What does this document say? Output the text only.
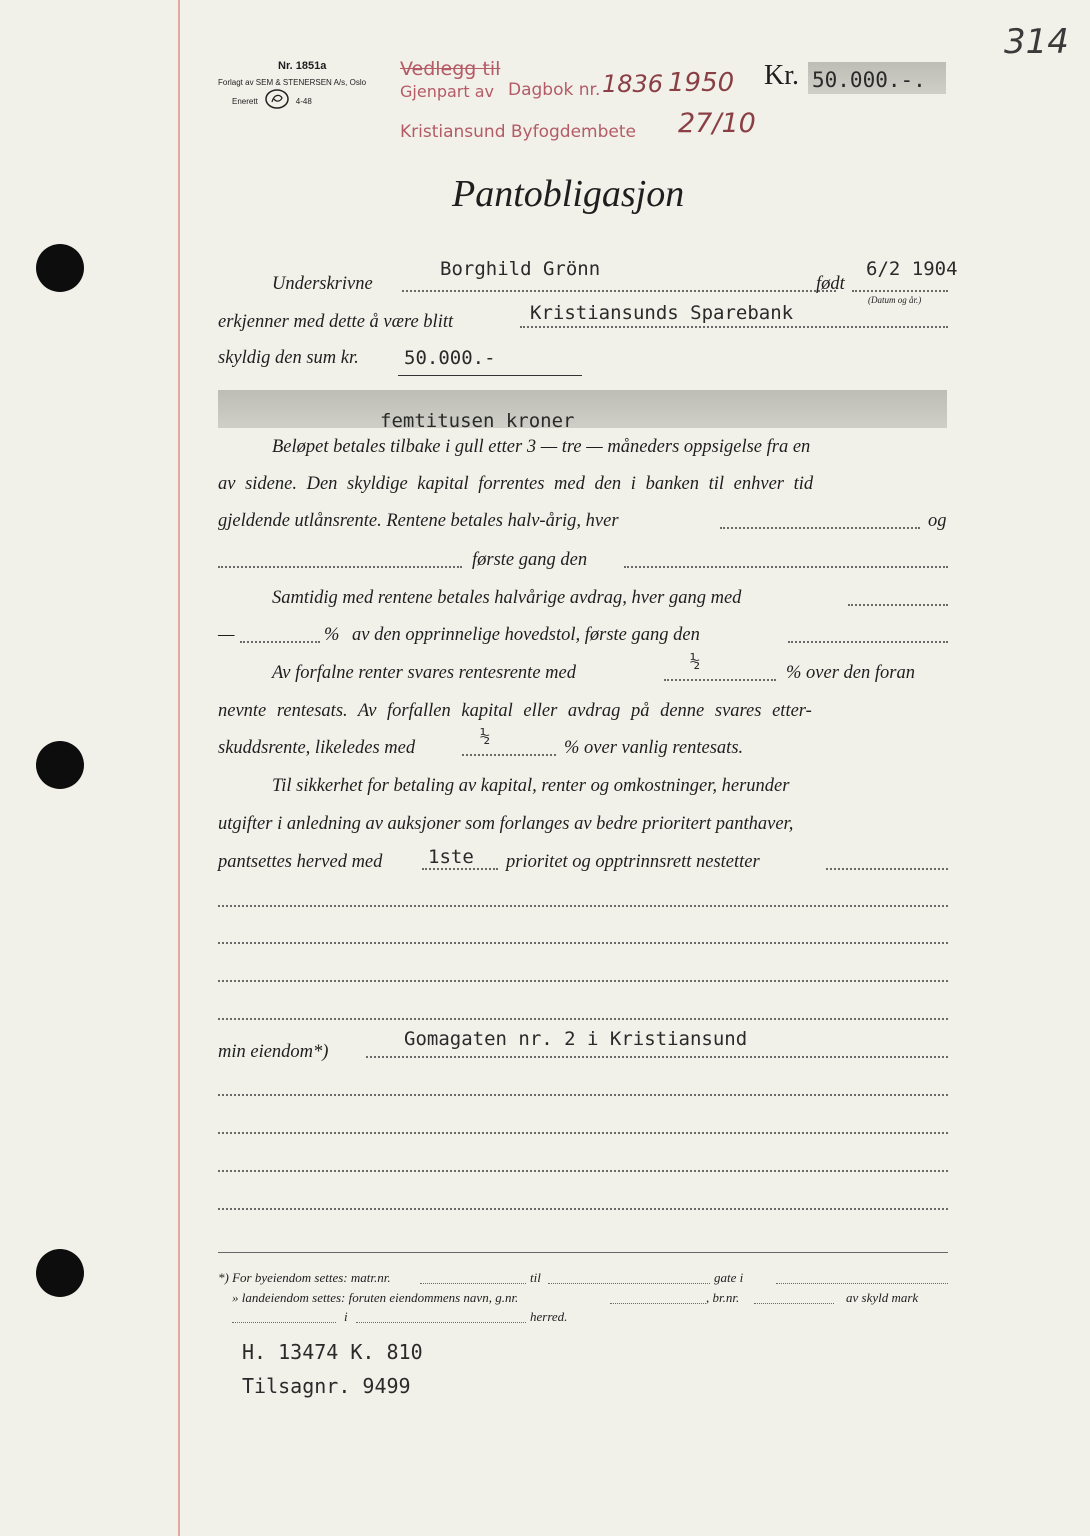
314
Nr. 1851a
Forlagt av SEM & STENERSEN A/s, Oslo
Enerett	4-48
Vedlegg til
Gjenpart av
Kristiansund Byfogdembete
Dagbok nr. 1836 1950
27/10
Kr. 50.000.-.
Pantobligasjon
Underskrivne
Borghild Grönn
født
6/2 1904
(Datum og år.)
erkjenner med dette å være blitt	Kristiansunds Sparebank
skyldig den sum kr. 50.000.-
femtitusen kroner
Beløpet betales tilbake i gull etter 3 — tre — måneders oppsigelse fra en
av sidene. Den skyldige kapital forrentes med den i banken til enhver tid
gjeldende utlånsrente. Rentene betales halv-årig, hver	og
første gang den
Samtidig med rentene betales halvårige avdrag, hver gang med
—	% av den opprinnelige hovedstol, første gang den
Av forfalne renter svares rentesrente med
½
% over den foran
nevnte rentesats. Av forfallen kapital eller avdrag på denne svares etter-
skuddsrente, likeledes med
½
% over vanlig rentesats.
Til sikkerhet for betaling av kapital, renter og omkostninger, herunder
utgifter i anledning av auksjoner som forlanges av bedre prioritert panthaver,
pantsettes herved med 1ste prioritet og opptrinnsrett nestetter
min eiendom*)
Gomagaten nr. 2 i Kristiansund
*) For byeiendom settes: matr.nr.	til	gate i
» landeiendom settes: foruten eiendommens navn, g.nr.	, br.nr.	av skyld mark
i	herred.
H. 13474 K. 810
Tilsagnr. 9499
